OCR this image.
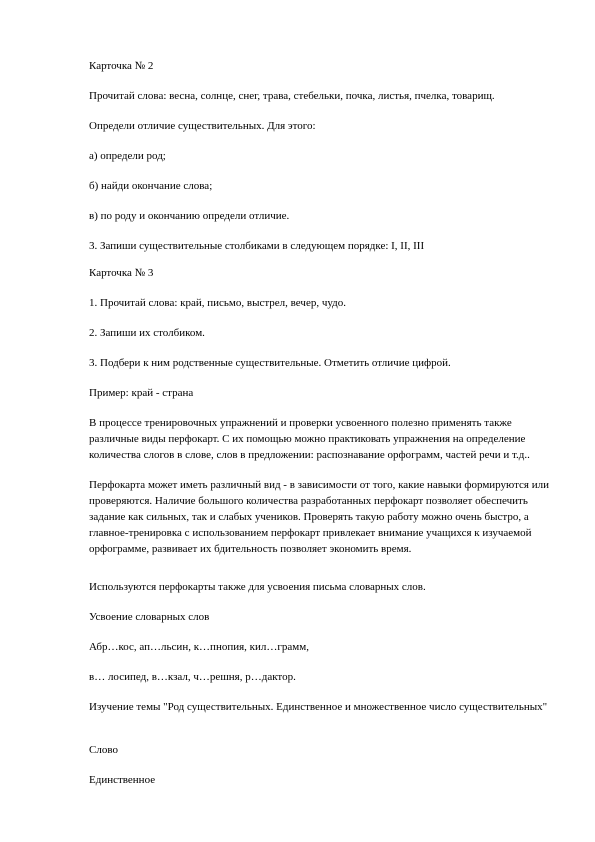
Карточка № 2
Прочитай слова: весна, солнце, снег, трава, стебельки, почка, листья, пчелка, товарищ.
Определи отличие существительных. Для этого:
а) определи род;
б) найди окончание слова;
в) по роду и окончанию определи отличие.
3. Запиши существительные столбиками в следующем порядке: I, II, III
Карточка № 3
1. Прочитай слова: край, письмо, выстрел, вечер, чудо.
2. Запиши их столбиком.
3. Подбери к ним родственные существительные. Отметить отличие цифрой.
Пример: край - страна
В процессе тренировочных упражнений и проверки усвоенного полезно применять также различные виды перфокарт. С их помощью можно практиковать упражнения на определение количества слогов в слове, слов в предложении: распознавание орфограмм, частей речи и т.д..
Перфокарта может иметь различный вид - в зависимости от того, какие навыки формируются или проверяются. Наличие большого количества разработанных перфокарт позволяет обеспечить задание как сильных, так и слабых учеников. Проверять такую работу можно очень быстро, а главное-тренировка с использованием перфокарт привлекает внимание учащихся к изучаемой орфограмме, развивает их бдительность позволяет экономить время.
Используются перфокарты также для усвоения письма словарных слов.
Усвоение словарных слов
Абр…кос, ап…льсин, к…пнопия, кил…грамм,
в… лосипед, в…кзал, ч…решня, р…дактор.
Изучение темы "Род существительных. Единственное и множественное число существительных"
Слово
Единственное
